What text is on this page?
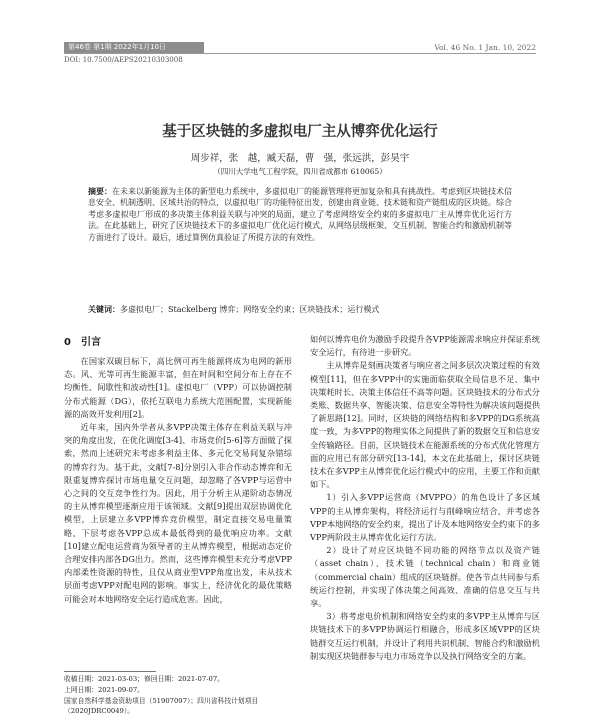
第46卷 第1期 2022年1月10日	Vol. 46 No. 1 Jan. 10, 2022
DOI: 10.7500/AEPS20210303008
基于区块链的多虚拟电厂主从博弈优化运行
周步祥，张　越，臧天磊，曹　强，张远洪，彭昊宇
（四川大学电气工程学院，四川省成都市 610065）
摘要：在未来以新能源为主体的新型电力系统中，多虚拟电厂的能源管理将更加复杂和具有挑战性。考虑到区块链技术信息安全、机制透明、区域共治的特点，以虚拟电厂的功能特征出发，创建由商业链、技术链和资产链组成的区块链。综合考虑多虚拟电厂形成的多决策主体利益关联与冲突的局面，建立了考虑网络安全约束的多虚拟电厂主从博弈优化运行方法。在此基础上，研究了区块链技术下的多虚拟电厂优化运行模式，从网络层级框架、交互机制、智能合约和激励机制等方面进行了设计。最后，通过算例仿真验证了所提方法的有效性。
关键词：多虚拟电厂；Stackelberg 博弈；网络安全约束；区块链技术；运行模式
0　引言

在国家双碳目标下，高比例可再生能源将成为电网的新形态。风、光等可再生能源丰富，但在时间和空间分布上存在不均衡性、间歇性和波动性[1]。虚拟电厂（VPP）可以协调控制分布式能源（DG），依托互联电力系统大范围配置，实现新能源的高效开发利用[2]。

近年来，国内外学者从多VPP决策主体存在利益关联与冲突的角度出发，在优化调度[3-4]、市场竞价[5-6]等方面做了探索，然而上述研究未考虑多利益主体、多元化交易间复杂错综的博弈行为。基于此，文献[7-8]分别引入非合作动态博弈和无限重复博弈探讨市场电量交互问题，却忽略了各VPP与运营中心之间的交互竞争性行为。因此，用于分析主从递阶动态情况的主从博弈模型逐渐应用于该领域。文献[9]提出双层协调优化模型，上层建立多VPP博弈竞价模型，制定直接交易电量策略，下层考虑各VPP总成本最低得到的最优响应功率。文献[10]建立配电运营商为领导者的主从博弈模型，根据动态定价合理安排内部各DG出力。然而，这些博弈模型未充分考虑VPP内部柔性资源的特性，且仅从商业型VPP角度出发，未从技术层面考虑VPP对配电网的影响。事实上，经济优化的最优策略可能会对本地网络安全运行造成危害。因此，

如何以博弈电价为激励手段提升各VPP能源需求响应并保证系统安全运行，有待进一步研究。

主从博弈是刻画决策者与响应者之间多层次决策过程的有效模型[11]，但在多VPP中的实施面临获取全局信息不足、集中决策耗时长、决策主体信任不高等问题。区块链技术的分布式分类账、数据共享、智能决策、信息安全等特性为解决该问题提供了新思路[12]。同时，区块链的网络结构和多VPP的DG系统高度一致，为多VPP的物理实体之间提供了新的数据交互和信息安全传输路径。目前，区块链技术在能源系统的分布式优化管理方面的应用已有部分研究[13-14]，本文在此基础上，探讨区块链技术在多VPP主从博弈优化运行模式中的应用，主要工作和贡献如下。

1）引入多VPP运营商（MVPPO）的角色设计了多区域VPP的主从博弈架构，将经济运行与削峰响应结合，并考虑各VPP本地网络的安全约束，提出了计及本地网络安全约束下的多VPP两阶段主从博弈优化运行方法。

2）设计了对应区块链不同功能的网络节点以及资产链（asset chain）、技术链（technical chain）和商业链（commercial chain）组成的区块链群。使各节点共同参与系统运行控制，并实现了体决策之间高效、准确的信息交互与共享。

3）将考虑电价机制和网络安全约束的多VPP主从博弈与区块链技术下的多VPP协调运行相融合，形成多区域VPP的区块链群交互运行机制，并设计了利用共识机制、智能合约和激励机制实现区块链群参与电力市场竞争以及执行网络安全的方案。

收稿日期：2021-03-03；修回日期：2021-07-07。
上网日期：2021-09-07。
国家自然科学基金资助项目（51907097）；四川省科技计划项目（2020JDRC0049）。
